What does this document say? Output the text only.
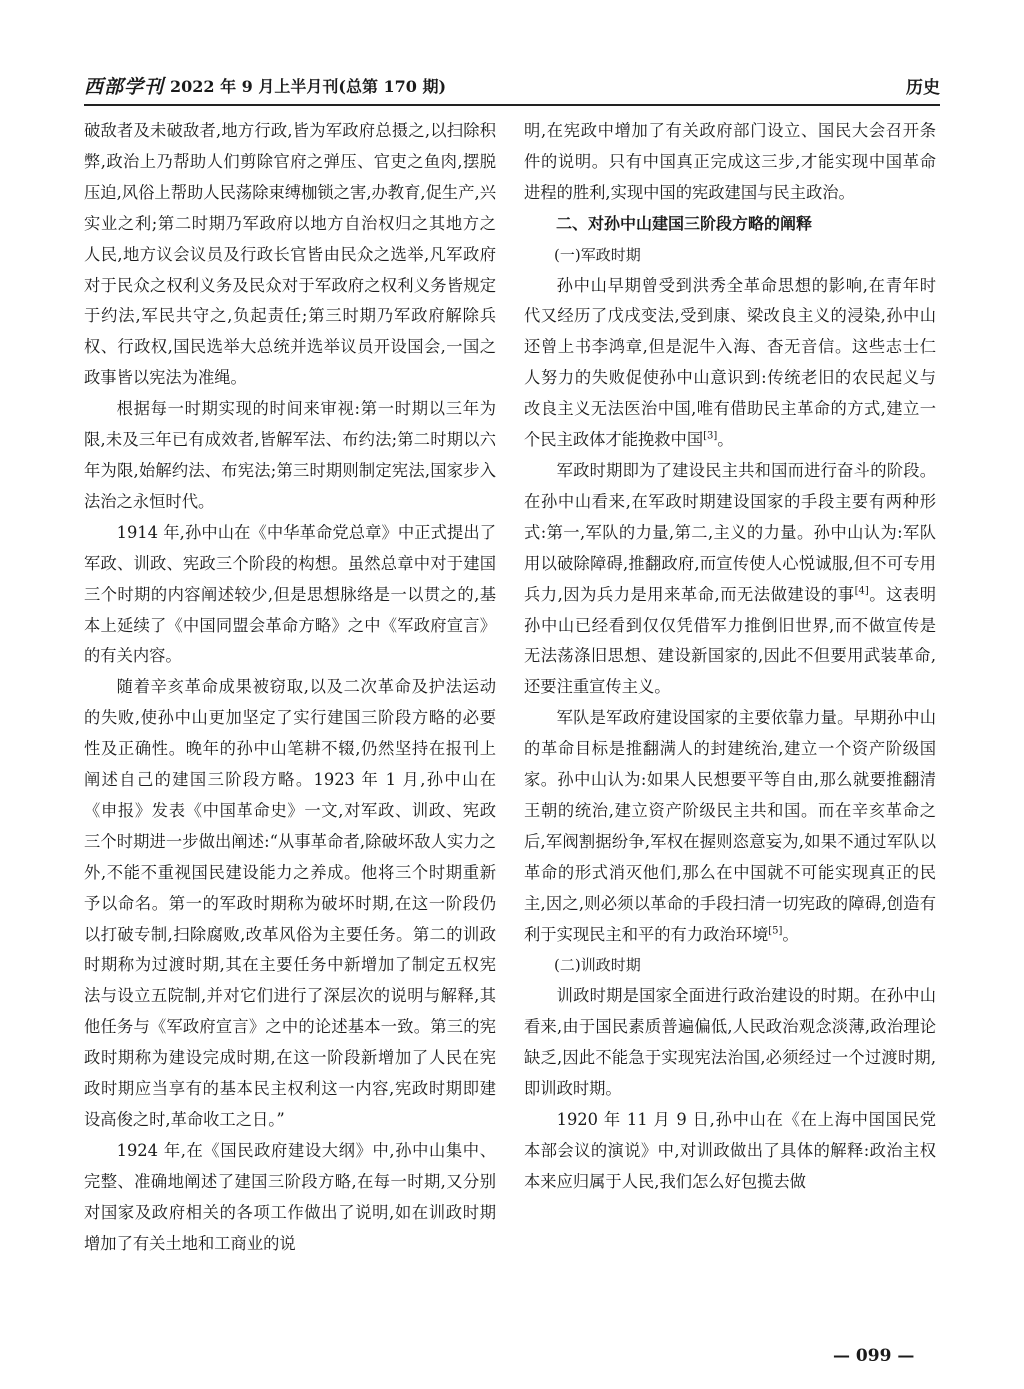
西部学刊 2022 年 9 月上半月刊(总第 170 期)	历史

破敌者及未破敌者,地方行政,皆为军政府总摄之,以扫除积弊,政治上乃帮助人们剪除官府之弹压、官吏之鱼肉,摆脱压迫,风俗上帮助人民荡除束缚枷锁之害,办教育,促生产,兴实业之利;第二时期乃军政府以地方自治权归之其地方之人民,地方议会议员及行政长官皆由民众之选举,凡军政府对于民众之权利义务及民众对于军政府之权利义务皆规定于约法,军民共守之,负起责任;第三时期乃军政府解除兵权、行政权,国民选举大总统并选举议员开设国会,一国之政事皆以宪法为准绳。

根据每一时期实现的时间来审视:第一时期以三年为限,未及三年已有成效者,皆解军法、布约法;第二时期以六年为限,始解约法、布宪法;第三时期则制定宪法,国家步入法治之永恒时代。

1914 年,孙中山在《中华革命党总章》中正式提出了军政、训政、宪政三个阶段的构想。虽然总章中对于建国三个时期的内容阐述较少,但是思想脉络是一以贯之的,基本上延续了《中国同盟会革命方略》之中《军政府宣言》的有关内容。

随着辛亥革命成果被窃取,以及二次革命及护法运动的失败,使孙中山更加坚定了实行建国三阶段方略的必要性及正确性。晚年的孙中山笔耕不辍,仍然坚持在报刊上阐述自己的建国三阶段方略。1923 年 1 月,孙中山在《申报》发表《中国革命史》一文,对军政、训政、宪政三个时期进一步做出阐述:“从事革命者,除破坏敌人实力之外,不能不重视国民建设能力之养成。他将三个时期重新予以命名。第一的军政时期称为破坏时期,在这一阶段仍以打破专制,扫除腐败,改革风俗为主要任务。第二的训政时期称为过渡时期,其在主要任务中新增加了制定五权宪法与设立五院制,并对它们进行了深层次的说明与解释,其他任务与《军政府宣言》之中的论述基本一致。第三的宪政时期称为建设完成时期,在这一阶段新增加了人民在宪政时期应当享有的基本民主权利这一内容,宪政时期即建设高俊之时,革命收工之日。”

1924 年,在《国民政府建设大纲》中,孙中山集中、完整、准确地阐述了建国三阶段方略,在每一时期,又分别对国家及政府相关的各项工作做出了说明,如在训政时期增加了有关土地和工商业的说

明,在宪政中增加了有关政府部门设立、国民大会召开条件的说明。只有中国真正完成这三步,才能实现中国革命进程的胜利,实现中国的宪政建国与民主政治。

二、对孙中山建国三阶段方略的阐释

(一)军政时期

孙中山早期曾受到洪秀全革命思想的影响,在青年时代又经历了戊戌变法,受到康、梁改良主义的浸染,孙中山还曾上书李鸿章,但是泥牛入海、杳无音信。这些志士仁人努力的失败促使孙中山意识到:传统老旧的农民起义与改良主义无法医治中国,唯有借助民主革命的方式,建立一个民主政体才能挽救中国[3]。

军政时期即为了建设民主共和国而进行奋斗的阶段。在孙中山看来,在军政时期建设国家的手段主要有两种形式:第一,军队的力量,第二,主义的力量。孙中山认为:军队用以破除障碍,推翻政府,而宣传使人心悦诚服,但不可专用兵力,因为兵力是用来革命,而无法做建设的事[4]。这表明孙中山已经看到仅仅凭借军力推倒旧世界,而不做宣传是无法荡涤旧思想、建设新国家的,因此不但要用武装革命,还要注重宣传主义。

军队是军政府建设国家的主要依靠力量。早期孙中山的革命目标是推翻满人的封建统治,建立一个资产阶级国家。孙中山认为:如果人民想要平等自由,那么就要推翻清王朝的统治,建立资产阶级民主共和国。而在辛亥革命之后,军阀割据纷争,军权在握则恣意妄为,如果不通过军队以革命的形式消灭他们,那么在中国就不可能实现真正的民主,因之,则必须以革命的手段扫清一切宪政的障碍,创造有利于实现民主和平的有力政治环境[5]。

(二)训政时期

训政时期是国家全面进行政治建设的时期。在孙中山看来,由于国民素质普遍偏低,人民政治观念淡薄,政治理论缺乏,因此不能急于实现宪法治国,必须经过一个过渡时期,即训政时期。

1920 年 11 月 9 日,孙中山在《在上海中国国民党本部会议的演说》中,对训政做出了具体的解释:政治主权本来应归属于人民,我们怎么好包揽去做

— 099 —
